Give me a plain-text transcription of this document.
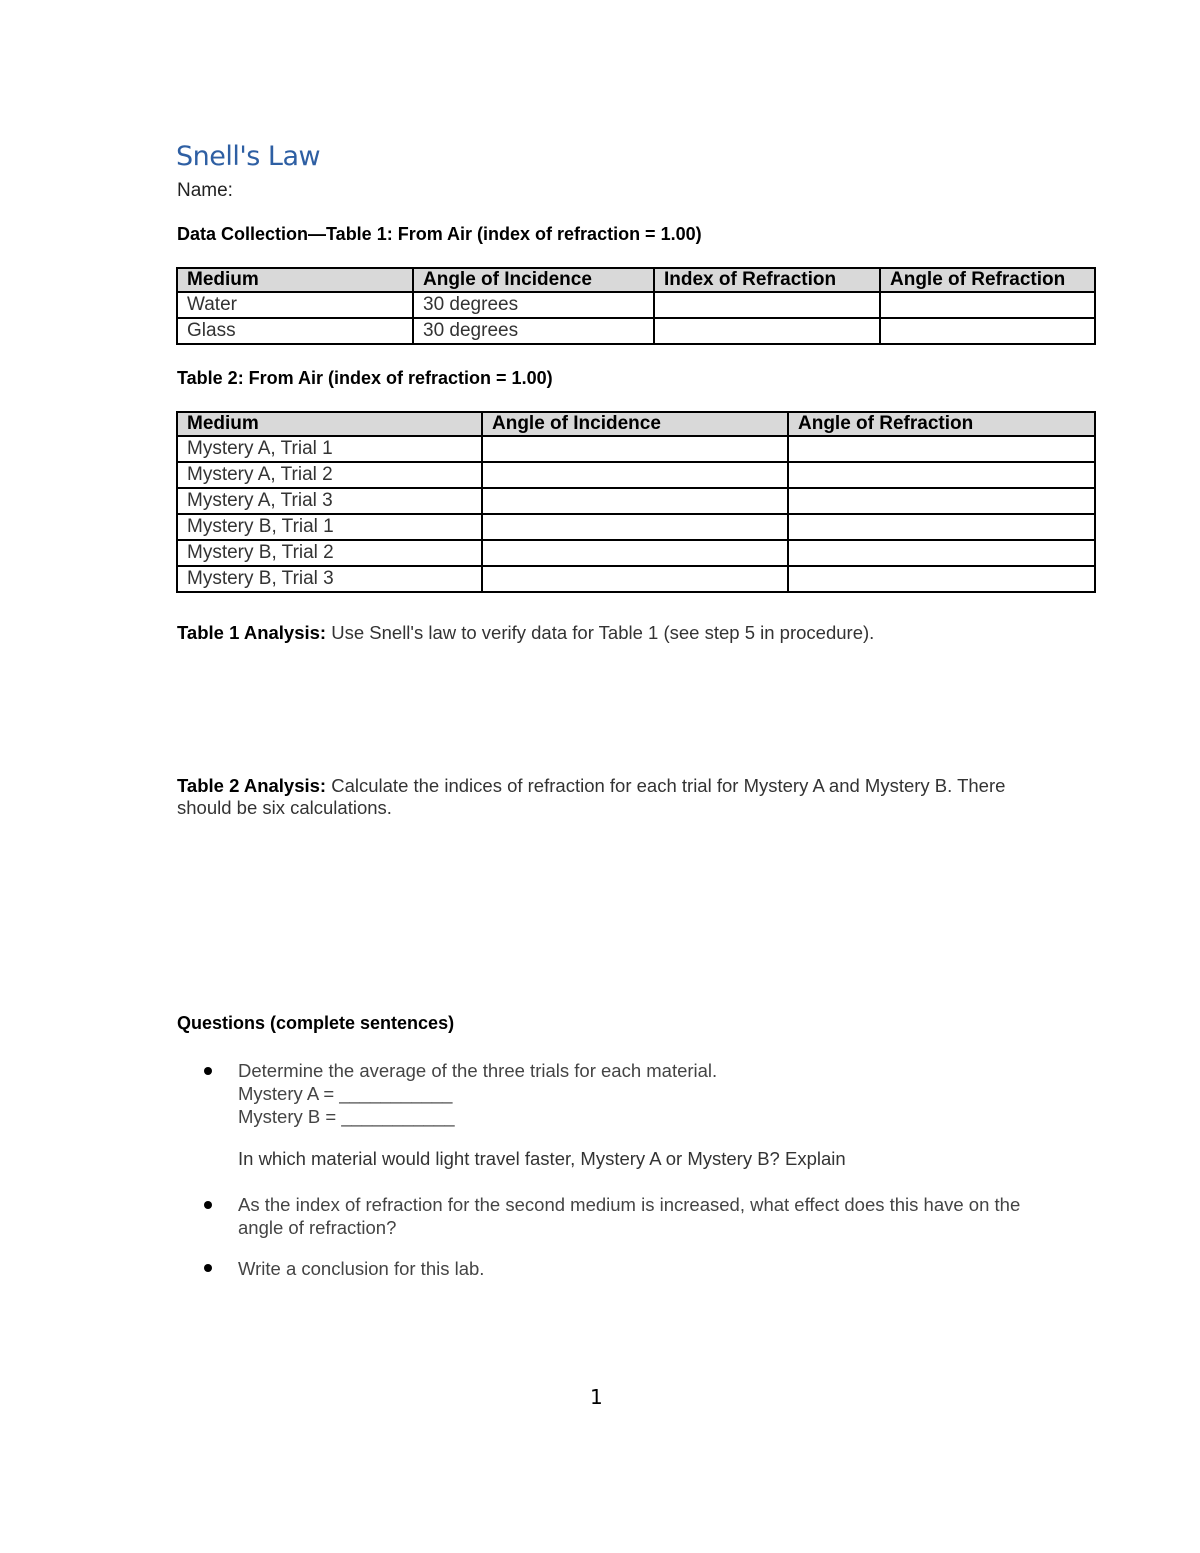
Snell's Law
Name:
Data Collection—Table 1: From Air (index of refraction = 1.00)
Medium	Angle of Incidence	Index of Refraction	Angle of Refraction
Water	30 degrees		
Glass	30 degrees		
Table 2: From Air (index of refraction = 1.00)
Medium	Angle of Incidence	Angle of Refraction
Mystery A, Trial 1		
Mystery A, Trial 2		
Mystery A, Trial 3		
Mystery B, Trial 1		
Mystery B, Trial 2		
Mystery B, Trial 3		
Table 1 Analysis: Use Snell's law to verify data for Table 1 (see step 5 in procedure).
Table 2 Analysis: Calculate the indices of refraction for each trial for Mystery A and Mystery B. There should be six calculations.
Questions (complete sentences)
Determine the average of the three trials for each material.
Mystery A = ___________
Mystery B = ___________
In which material would light travel faster, Mystery A or Mystery B? Explain
As the index of refraction for the second medium is increased, what effect does this have on the angle of refraction?
Write a conclusion for this lab.
1
